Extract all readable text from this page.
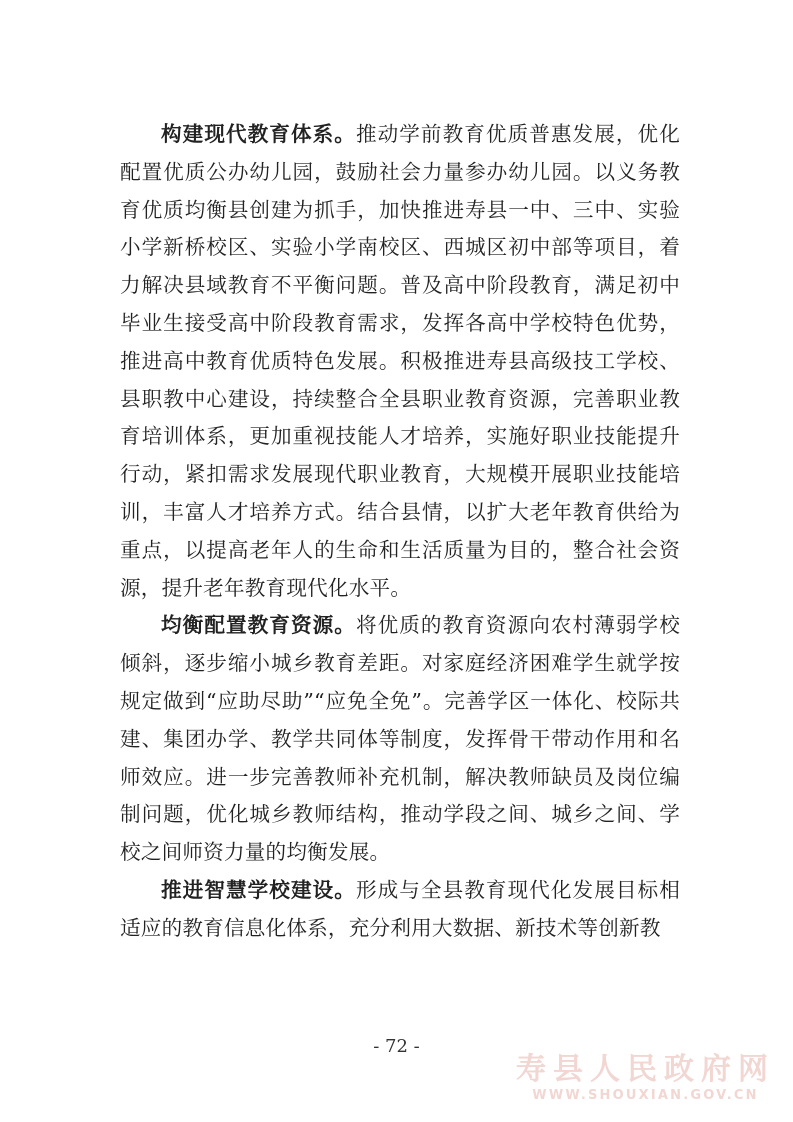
构建现代教育体系。推动学前教育优质普惠发展，优化配置优质公办幼儿园，鼓励社会力量参办幼儿园。以义务教育优质均衡县创建为抓手，加快推进寿县一中、三中、实验小学新桥校区、实验小学南校区、西城区初中部等项目，着力解决县域教育不平衡问题。普及高中阶段教育，满足初中毕业生接受高中阶段教育需求，发挥各高中学校特色优势，推进高中教育优质特色发展。积极推进寿县高级技工学校、县职教中心建设，持续整合全县职业教育资源，完善职业教育培训体系，更加重视技能人才培养，实施好职业技能提升行动，紧扣需求发展现代职业教育，大规模开展职业技能培训，丰富人才培养方式。结合县情，以扩大老年教育供给为重点，以提高老年人的生命和生活质量为目的，整合社会资源，提升老年教育现代化水平。

均衡配置教育资源。将优质的教育资源向农村薄弱学校倾斜，逐步缩小城乡教育差距。对家庭经济困难学生就学按规定做到“应助尽助”“应免全免”。完善学区一体化、校际共建、集团办学、教学共同体等制度，发挥骨干带动作用和名师效应。进一步完善教师补充机制，解决教师缺员及岗位编制问题，优化城乡教师结构，推动学段之间、城乡之间、学校之间师资力量的均衡发展。

推进智慧学校建设。形成与全县教育现代化发展目标相适应的教育信息化体系，充分利用大数据、新技术等创新教

- 72 -
寿县人民政府网
WWW.SHOUXIAN.GOV.CN
